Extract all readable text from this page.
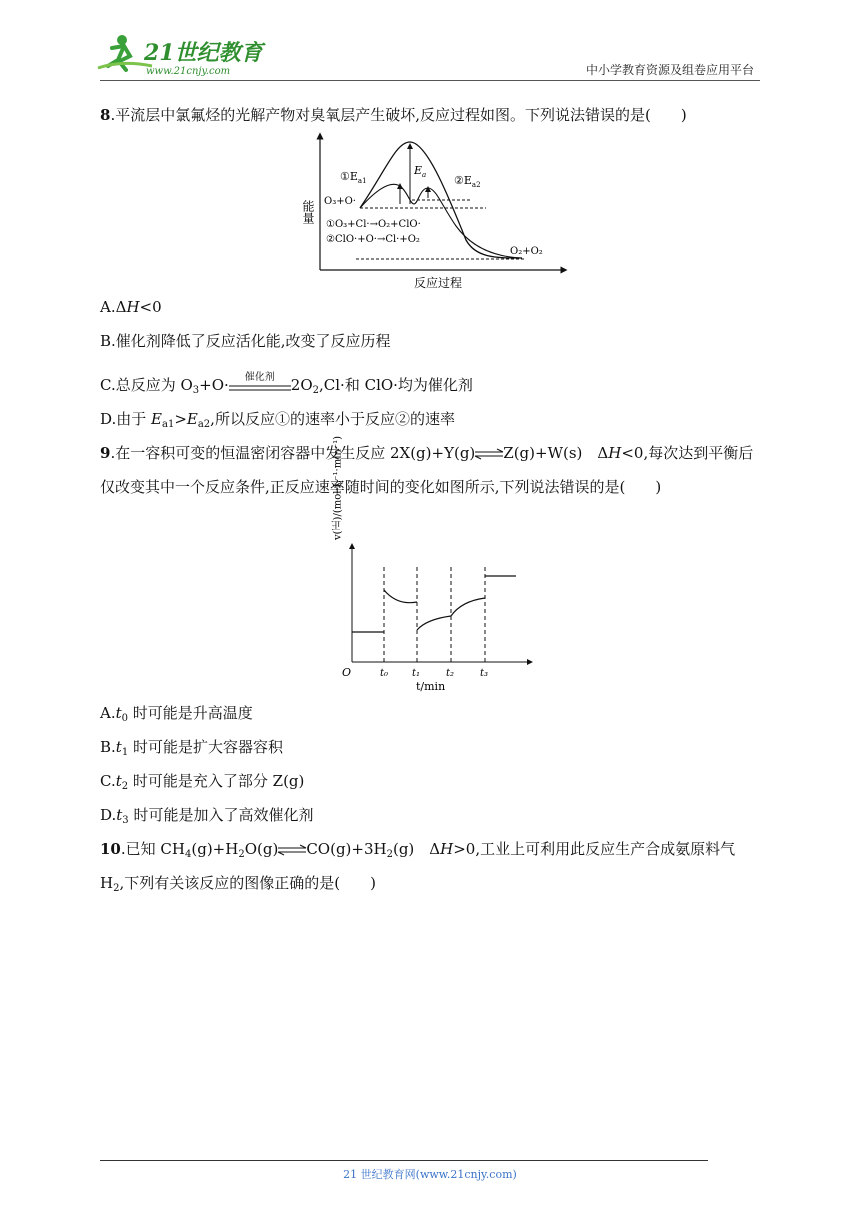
21世纪教育
www.21cnjy.com	中小学教育资源及组卷应用平台
8.平流层中氯氟烃的光解产物对臭氧层产生破坏,反应过程如图。下列说法错误的是(　　)
能量
反应过程
$①E_{a1}$
$E_a$	$②E_{a2}$
O₃+O·
①O₃+Cl·→O₂+ClO·
②ClO·+O·→Cl·+O₂
O₂+O₂
A.ΔH<0
B.催化剂降低了反应活化能,改变了反应历程
C.总反应为 $O_3+O\cdot$	催化剂	$2O_2,Cl\cdot$和 ClO·均为催化剂
D.由于 $E_{a1}>E_{a2}$,所以反应①的速率小于反应②的速率
9.在一容积可变的恒温密闭容器中发生反应 2X(g)+Y(g)⇌Z(g)+W(s)　ΔH<0,每次达到平衡后仅改变其中一个反应条件,正反应速率随时间的变化如图所示,下列说法错误的是(　　)
v(正)/(mol·L⁻¹·min⁻¹)
O
t/min
t₀ t₁	t₂	t₃
$A.t_0$ 时可能是升高温度
$B.t_1$ 时可能是扩大容器容积
$C.t_2$ 时可能是充入了部分 Z(g)
$D.t_3$ 时可能是加入了高效催化剂
10.已知 $CH_4(g)+H_2O(g)\rightleftharpoons CO(g)+3H_2(g)$　ΔH>0,工业上可利用此反应生产合成氨原料气 $H_2$,下列有关该反应的图像正确的是(　　)
21 世纪教育网(www.21cnjy.com)
